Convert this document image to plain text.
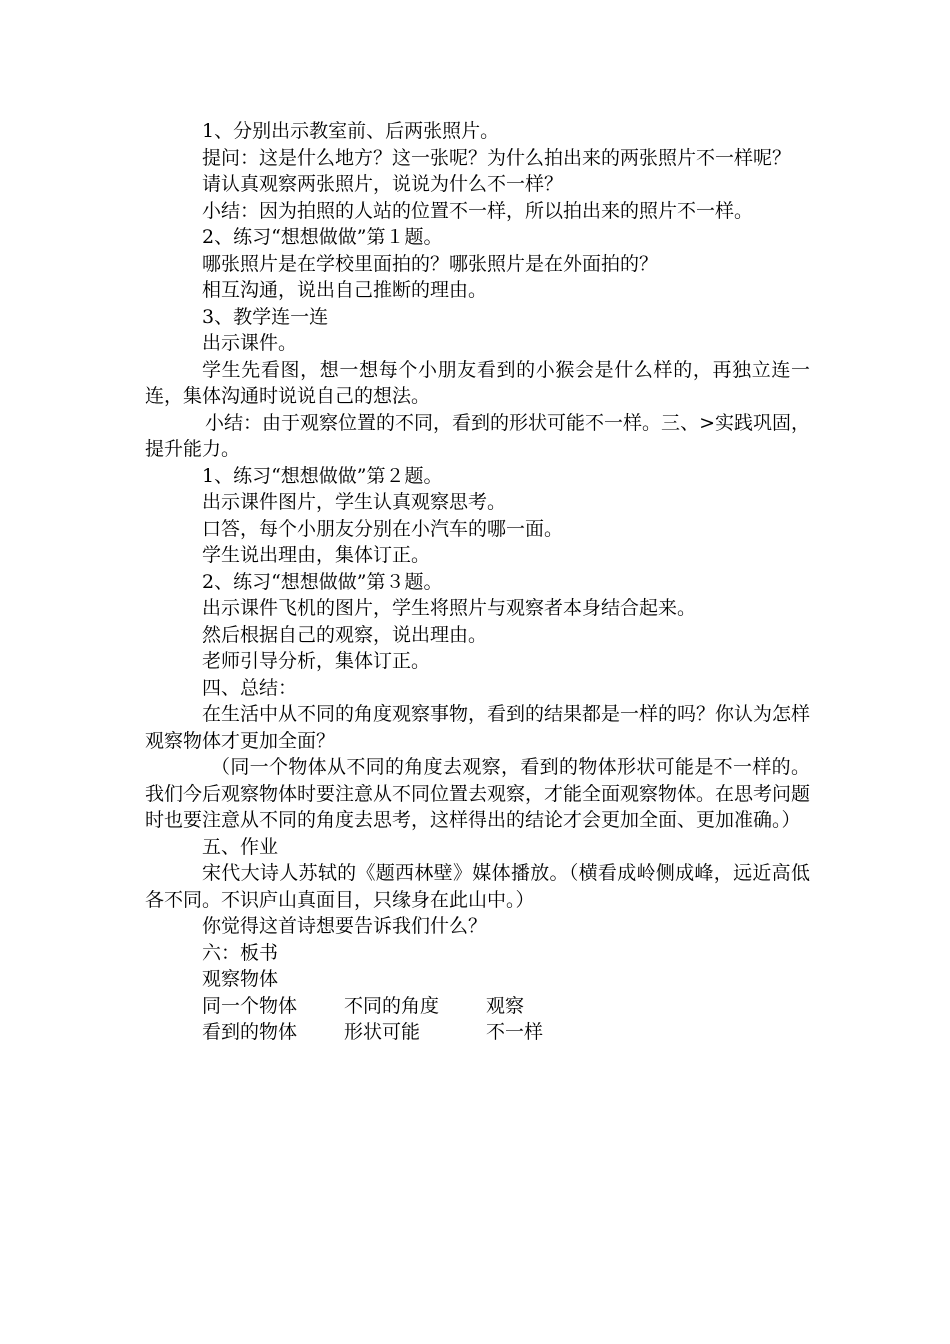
1、分别出示教室前、后两张照片。

提问：这是什么地方？这一张呢？为什么拍出来的两张照片不一样呢？

请认真观察两张照片，说说为什么不一样？

小结：因为拍照的人站的位置不一样，所以拍出来的照片不一样。

2、练习“想想做做”第１题。

哪张照片是在学校里面拍的？哪张照片是在外面拍的？

相互沟通，说出自己推断的理由。

3、教学连一连

出示课件。

学生先看图，想一想每个小朋友看到的小猴会是什么样的，再独立连一连，集体沟通时说说自己的想法。

小结：由于观察位置的不同，看到的形状可能不一样。三、>实践巩固，提升能力。

1、练习“想想做做”第２题。

出示课件图片，学生认真观察思考。

口答，每个小朋友分别在小汽车的哪一面。

学生说出理由，集体订正。

2、练习“想想做做”第３题。

出示课件飞机的图片，学生将照片与观察者本身结合起来。

然后根据自己的观察，说出理由。

老师引导分析，集体订正。

四、总结：

在生活中从不同的角度观察事物，看到的结果都是一样的吗？你认为怎样观察物体才更加全面？

（同一个物体从不同的角度去观察，看到的物体形状可能是不一样的。我们今后观察物体时要注意从不同位置去观察，才能全面观察物体。在思考问题时也要注意从不同的角度去思考，这样得出的结论才会更加全面、更加准确。）

五、作业

宋代大诗人苏轼的《题西林壁》媒体播放。（横看成岭侧成峰，远近高低各不同。不识庐山真面目，只缘身在此山中。）

你觉得这首诗想要告诉我们什么？

六：板书

观察物体

同一个物体 不同的角度 观察
看到的物体 形状可能	不一样
